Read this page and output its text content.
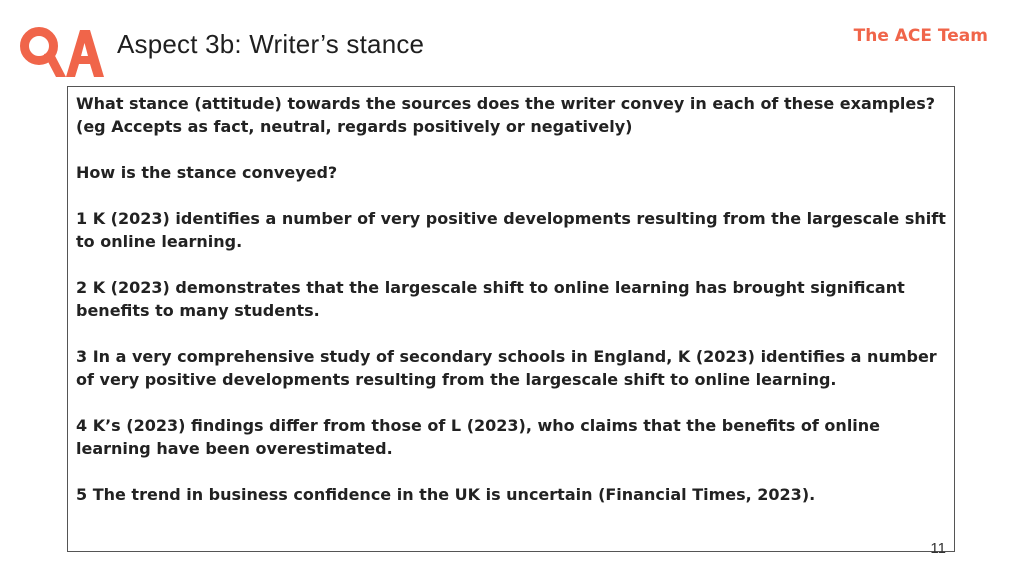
Aspect 3b: Writer’s stance	The ACE Team

What stance (attitude) towards the sources does the writer convey in each of these examples? (eg Accepts as fact, neutral, regards positively or negatively)

How is the stance conveyed?

1 K (2023) identifies a number of very positive developments resulting from the largescale shift to online learning.

2 K (2023) demonstrates that the largescale shift to online learning has brought significant benefits to many students.

3 In a very comprehensive study of secondary schools in England, K (2023) identifies a number of very positive developments resulting from the largescale shift to online learning.

4 K’s (2023) findings differ from those of L (2023), who claims that the benefits of online learning have been overestimated.

5 The trend in business confidence in the UK is uncertain (Financial Times, 2023).

11
